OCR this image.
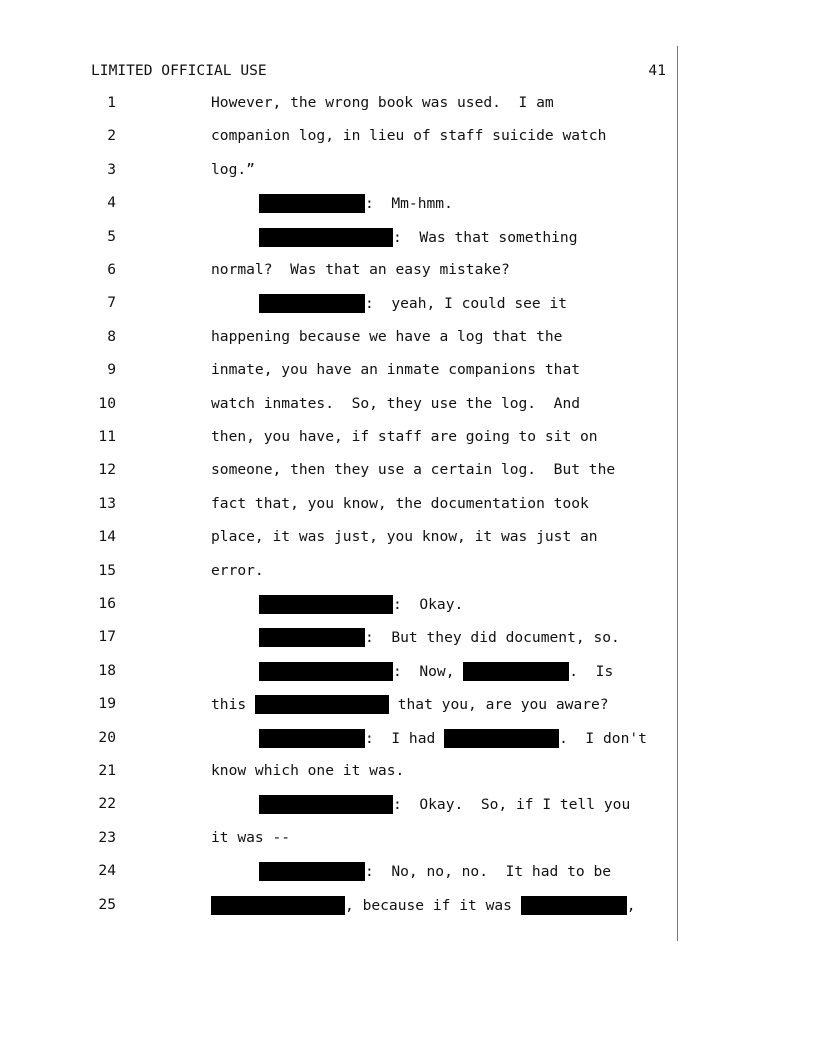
LIMITED OFFICIAL USE	41
1	However, the wrong book was used.  I am
2	companion log, in lieu of staff suicide watch
3	log.”
4	:  Mm-hmm.
5	:  Was that something
6	normal?  Was that an easy mistake?
7	:  yeah, I could see it
8	happening because we have a log that the
9	inmate, you have an inmate companions that
10	watch inmates.  So, they use the log.  And
11	then, you have, if staff are going to sit on
12	someone, then they use a certain log.  But the
13	fact that, you know, the documentation took
14	place, it was just, you know, it was just an
15	error.
16	:  Okay.
17	:  But they did document, so.
18	:  Now,	.  Is
19	this	that you, are you aware?
20	:  I had	.  I don't
21	know which one it was.
22	:  Okay.  So, if I tell you
23	it was --
24	:  No, no, no.  It had to be
25	, because if it was	,
